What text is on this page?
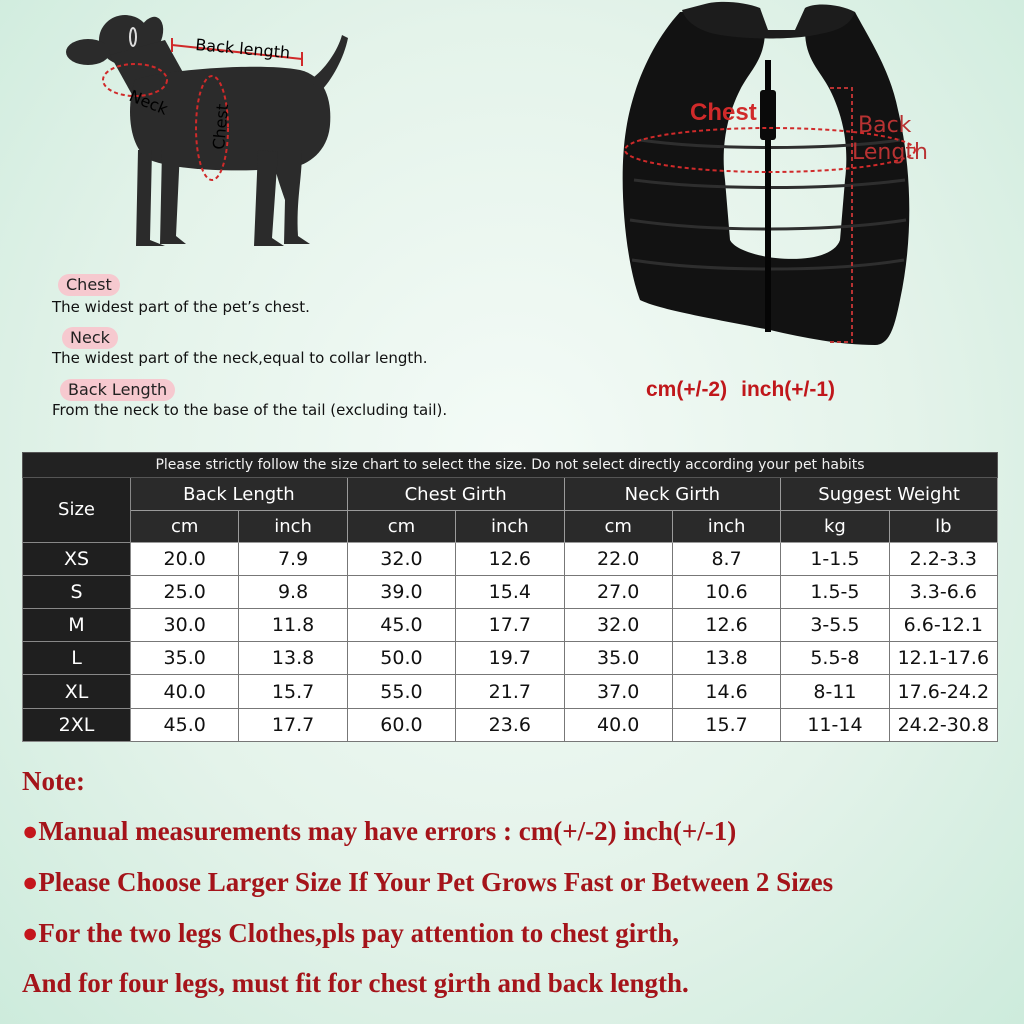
Back length
Neck
Chest	Chest	Back
Length
Chest
The widest part of the pet’s chest.
Neck
The widest part of the neck,equal to collar length.
Back Length
From the neck to the base of the tail (excluding tail).
cm(+/-2) inch(+/-1)
Please strictly follow the size chart to select the size. Do not select directly according your pet habits								
Size	Back Length		Chest Girth		Neck Girth		Suggest Weight	
	cm	inch	cm	inch	cm	inch	kg	lb
XS	20.0	7.9	32.0	12.6	22.0	8.7	1-1.5	2.2-3.3
S	25.0	9.8	39.0	15.4	27.0	10.6	1.5-5	3.3-6.6
M	30.0	11.8	45.0	17.7	32.0	12.6	3-5.5	6.6-12.1
L	35.0	13.8	50.0	19.7	35.0	13.8	5.5-8	12.1-17.6
XL	40.0	15.7	55.0	21.7	37.0	14.6	8-11	17.6-24.2
2XL	45.0	17.7	60.0	23.6	40.0	15.7	11-14	24.2-30.8
Note:
●Manual measurements may have errors : cm(+/-2) inch(+/-1)
●Please Choose Larger Size If Your Pet Grows Fast or Between 2 Sizes
●For the two legs Clothes,pls pay attention to chest girth,
And for four legs, must fit for chest girth and back length.
